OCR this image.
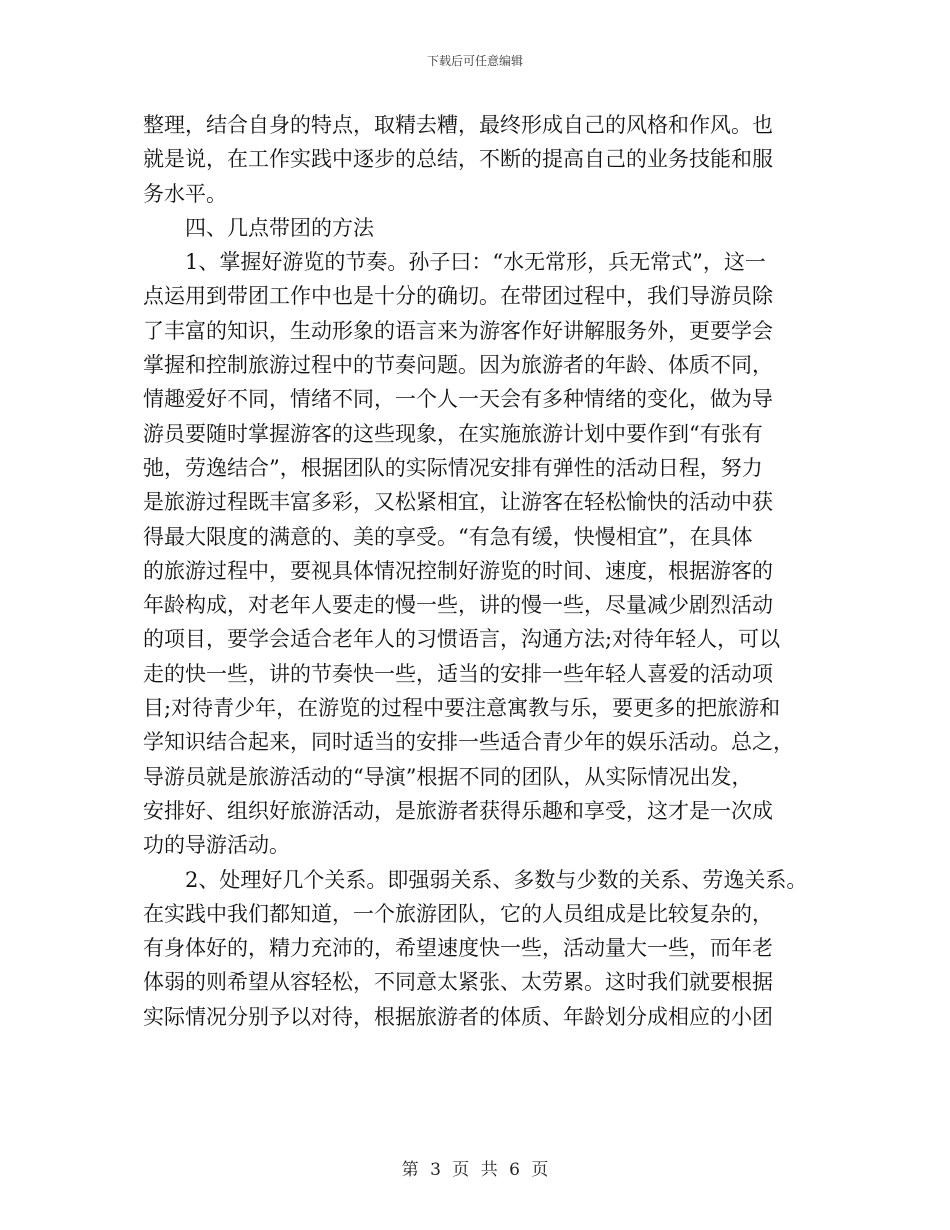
下载后可任意编辑
整理，结合自身的特点，取精去糟，最终形成自己的风格和作风。也
就是说，在工作实践中逐步的总结，不断的提高自己的业务技能和服
务水平。
四、几点带团的方法
1、掌握好游览的节奏。孙子曰：“水无常形，兵无常式”，这一
点运用到带团工作中也是十分的确切。在带团过程中，我们导游员除
了丰富的知识，生动形象的语言来为游客作好讲解服务外，更要学会
掌握和控制旅游过程中的节奏问题。因为旅游者的年龄、体质不同，
情趣爱好不同，情绪不同，一个人一天会有多种情绪的变化，做为导
游员要随时掌握游客的这些现象，在实施旅游计划中要作到“有张有
弛，劳逸结合”，根据团队的实际情况安排有弹性的活动日程，努力
是旅游过程既丰富多彩，又松紧相宜，让游客在轻松愉快的活动中获
得最大限度的满意的、美的享受。“有急有缓，快慢相宜”，在具体
的旅游过程中，要视具体情况控制好游览的时间、速度，根据游客的
年龄构成，对老年人要走的慢一些，讲的慢一些，尽量减少剧烈活动
的项目，要学会适合老年人的习惯语言，沟通方法;对待年轻人，可以
走的快一些，讲的节奏快一些，适当的安排一些年轻人喜爱的活动项
目;对待青少年，在游览的过程中要注意寓教与乐，要更多的把旅游和
学知识结合起来，同时适当的安排一些适合青少年的娱乐活动。总之，
导游员就是旅游活动的“导演”根据不同的团队，从实际情况出发，
安排好、组织好旅游活动，是旅游者获得乐趣和享受，这才是一次成
功的导游活动。
2、处理好几个关系。即强弱关系、多数与少数的关系、劳逸关系。
在实践中我们都知道，一个旅游团队，它的人员组成是比较复杂的，
有身体好的，精力充沛的，希望速度快一些，活动量大一些，而年老
体弱的则希望从容轻松，不同意太紧张、太劳累。这时我们就要根据
实际情况分别予以对待，根据旅游者的体质、年龄划分成相应的小团
第 3 页 共 6 页
